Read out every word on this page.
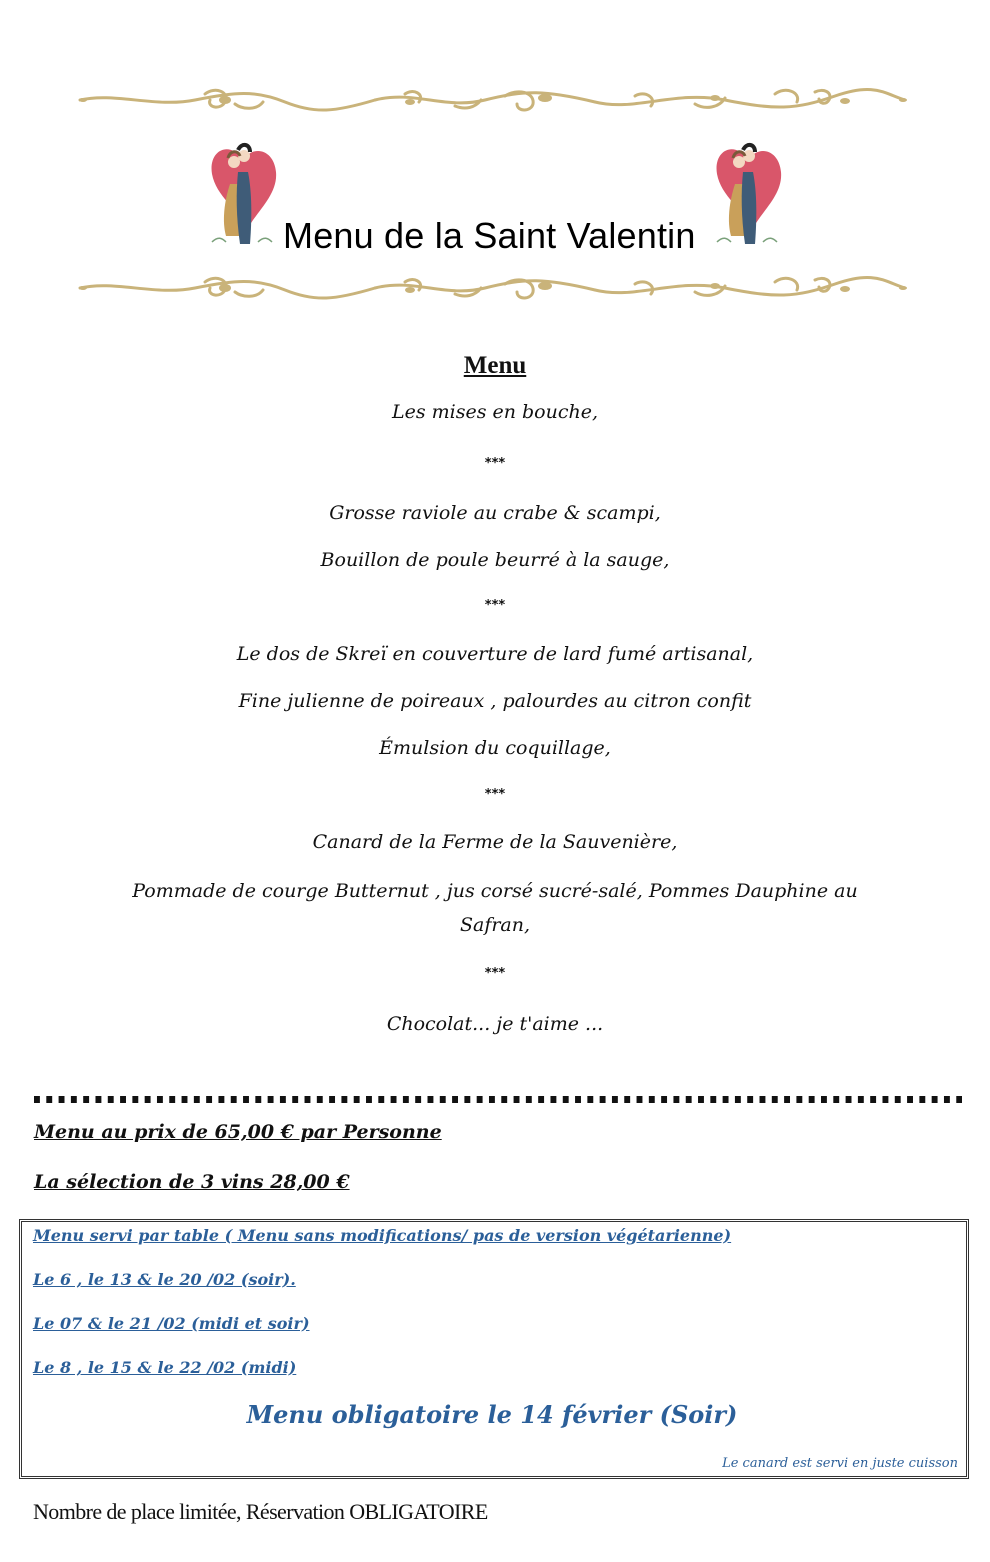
Menu de la Saint Valentin
Menu
Les mises en bouche,
***
Grosse raviole au crabe & scampi,
Bouillon de poule beurré à la sauge,
***
Le dos de Skreï en couverture de lard fumé artisanal,
Fine julienne de poireaux , palourdes au citron confit
Émulsion du coquillage,
***
Canard de la Ferme de la Sauvenière,
Pommade de courge Butternut , jus corsé sucré-salé, Pommes Dauphine au
Safran,
***
Chocolat... je t'aime ...
Menu au prix de 65,00 € par Personne
La sélection de 3 vins 28,00 €
Menu servi par table ( Menu sans modifications/ pas de version végétarienne)
Le 6 , le 13 & le 20 /02 (soir).
Le 07 & le 21 /02 (midi et soir)
Le 8 , le 15 & le 22 /02 (midi)
Menu obligatoire le 14 février (Soir)
Le canard est servi en juste cuisson
Nombre de place limitée, Réservation OBLIGATOIRE
